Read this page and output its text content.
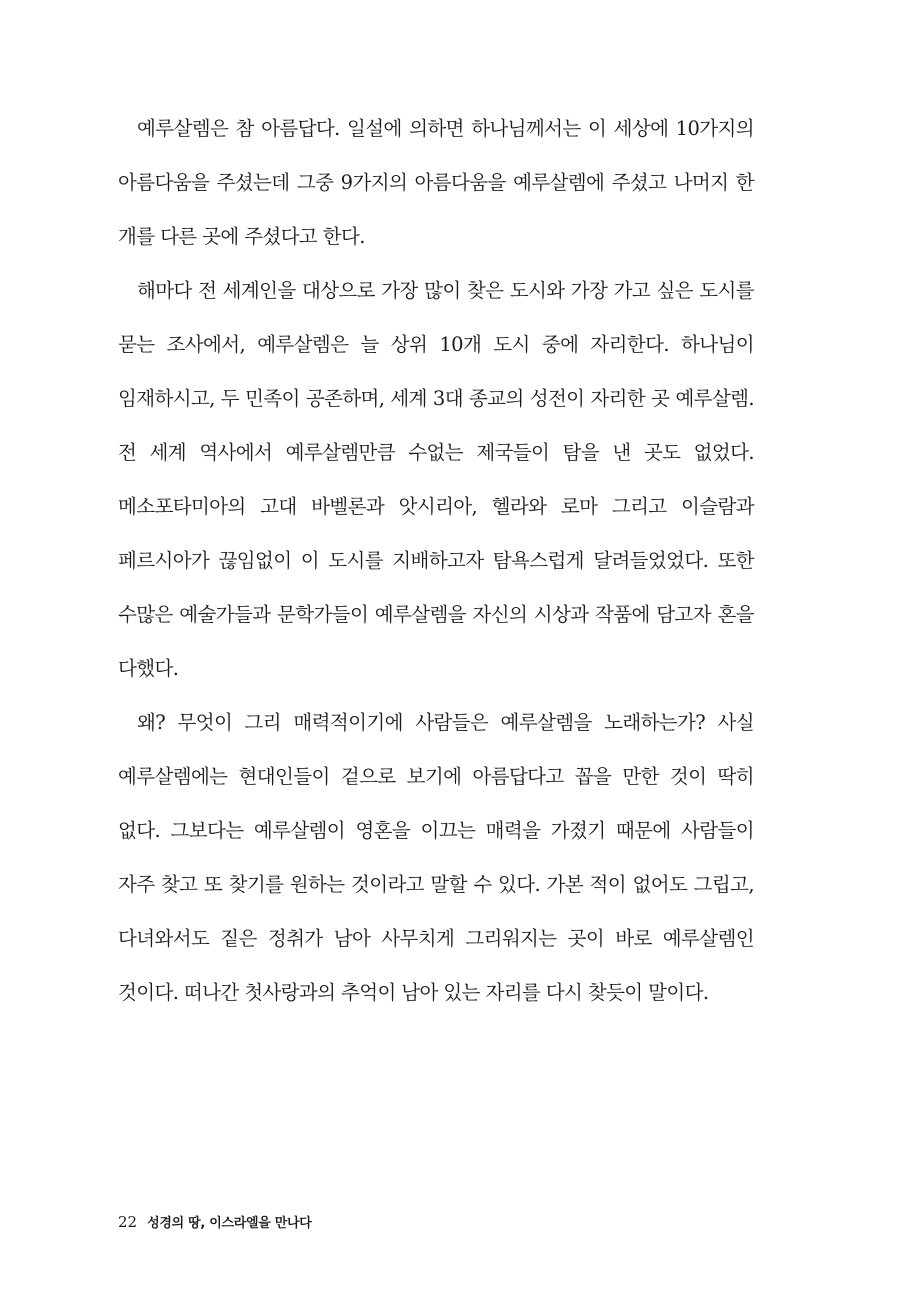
예루살렘은 참 아름답다. 일설에 의하면 하나님께서는 이 세상에 10가지의 아름다움을 주셨는데 그중 9가지의 아름다움을 예루살렘에 주셨고 나머지 한 개를 다른 곳에 주셨다고 한다.

해마다 전 세계인을 대상으로 가장 많이 찾은 도시와 가장 가고 싶은 도시를 묻는 조사에서, 예루살렘은 늘 상위 10개 도시 중에 자리한다. 하나님이 임재하시고, 두 민족이 공존하며, 세계 3대 종교의 성전이 자리한 곳 예루살렘. 전 세계 역사에서 예루살렘만큼 수없는 제국들이 탐을 낸 곳도 없었다. 메소포타미아의 고대 바벨론과 앗시리아, 헬라와 로마 그리고 이슬람과 페르시아가 끊임없이 이 도시를 지배하고자 탐욕스럽게 달려들었었다. 또한 수많은 예술가들과 문학가들이 예루살렘을 자신의 시상과 작품에 담고자 혼을 다했다.

왜? 무엇이 그리 매력적이기에 사람들은 예루살렘을 노래하는가? 사실 예루살렘에는 현대인들이 겉으로 보기에 아름답다고 꼽을 만한 것이 딱히 없다. 그보다는 예루살렘이 영혼을 이끄는 매력을 가졌기 때문에 사람들이 자주 찾고 또 찾기를 원하는 것이라고 말할 수 있다. 가본 적이 없어도 그립고, 다녀와서도 짙은 정취가 남아 사무치게 그리워지는 곳이 바로 예루살렘인 것이다. 떠나간 첫사랑과의 추억이 남아 있는 자리를 다시 찾듯이 말이다.

22 성경의 땅, 이스라엘을 만나다
